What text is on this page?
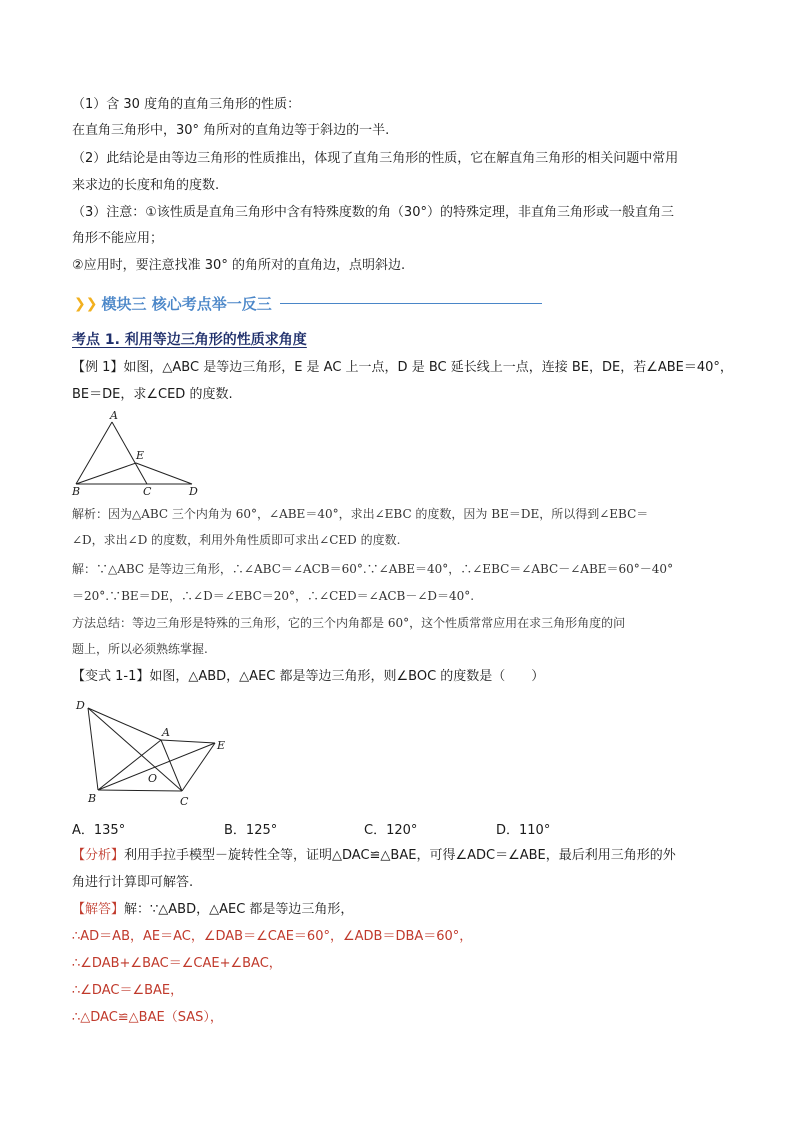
（1）含 30 度角的直角三角形的性质：
在直角三角形中，30° 角所对的直角边等于斜边的一半.
（2）此结论是由等边三角形的性质推出，体现了直角三角形的性质，它在解直角三角形的相关问题中常用
来求边的长度和角的度数.
（3）注意：①该性质是直角三角形中含有特殊度数的角（30°）的特殊定理，非直角三角形或一般直角三
角形不能应用；
②应用时，要注意找准 30° 的角所对的直角边，点明斜边.
❯❯ 模块三 核心考点举一反三
考点 1. 利用等边三角形的性质求角度
【例 1】如图，△ABC 是等边三角形，E 是 AC 上一点，D 是 BC 延长线上一点，连接 BE，DE，若∠ABE＝40°，
BE＝DE，求∠CED 的度数.
A
B	C	D
E
解析：因为△ABC 三个内角为 60°，∠ABE＝40°，求出∠EBC 的度数，因为 BE＝DE，所以得到∠EBC＝
∠D，求出∠D 的度数，利用外角性质即可求出∠CED 的度数.
解：∵△ABC 是等边三角形，∴∠ABC＝∠ACB＝60°.∵∠ABE＝40°，∴∠EBC＝∠ABC－∠ABE＝60°－40°
＝20°.∵BE＝DE，∴∠D＝∠EBC＝20°，∴∠CED＝∠ACB－∠D＝40°.
方法总结：等边三角形是特殊的三角形，它的三个内角都是 60°，这个性质常常应用在求三角形角度的问
题上，所以必须熟练掌握.
【变式 1-1】如图，△ABD，△AEC 都是等边三角形，则∠BOC 的度数是（　　）
D
A
E
O
B	C
A．135°	B．125°	C．120°	D．110°
【分析】利用手拉手模型－旋转性全等，证明△DAC≌△BAE，可得∠ADC＝∠ABE，最后利用三角形的外
角进行计算即可解答.
【解答】解：∵△ABD，△AEC 都是等边三角形，
∴AD＝AB，AE＝AC，∠DAB＝∠CAE＝60°，∠ADB＝DBA＝60°，
∴∠DAB+∠BAC＝∠CAE+∠BAC，
∴∠DAC＝∠BAE，
∴△DAC≌△BAE（SAS），
